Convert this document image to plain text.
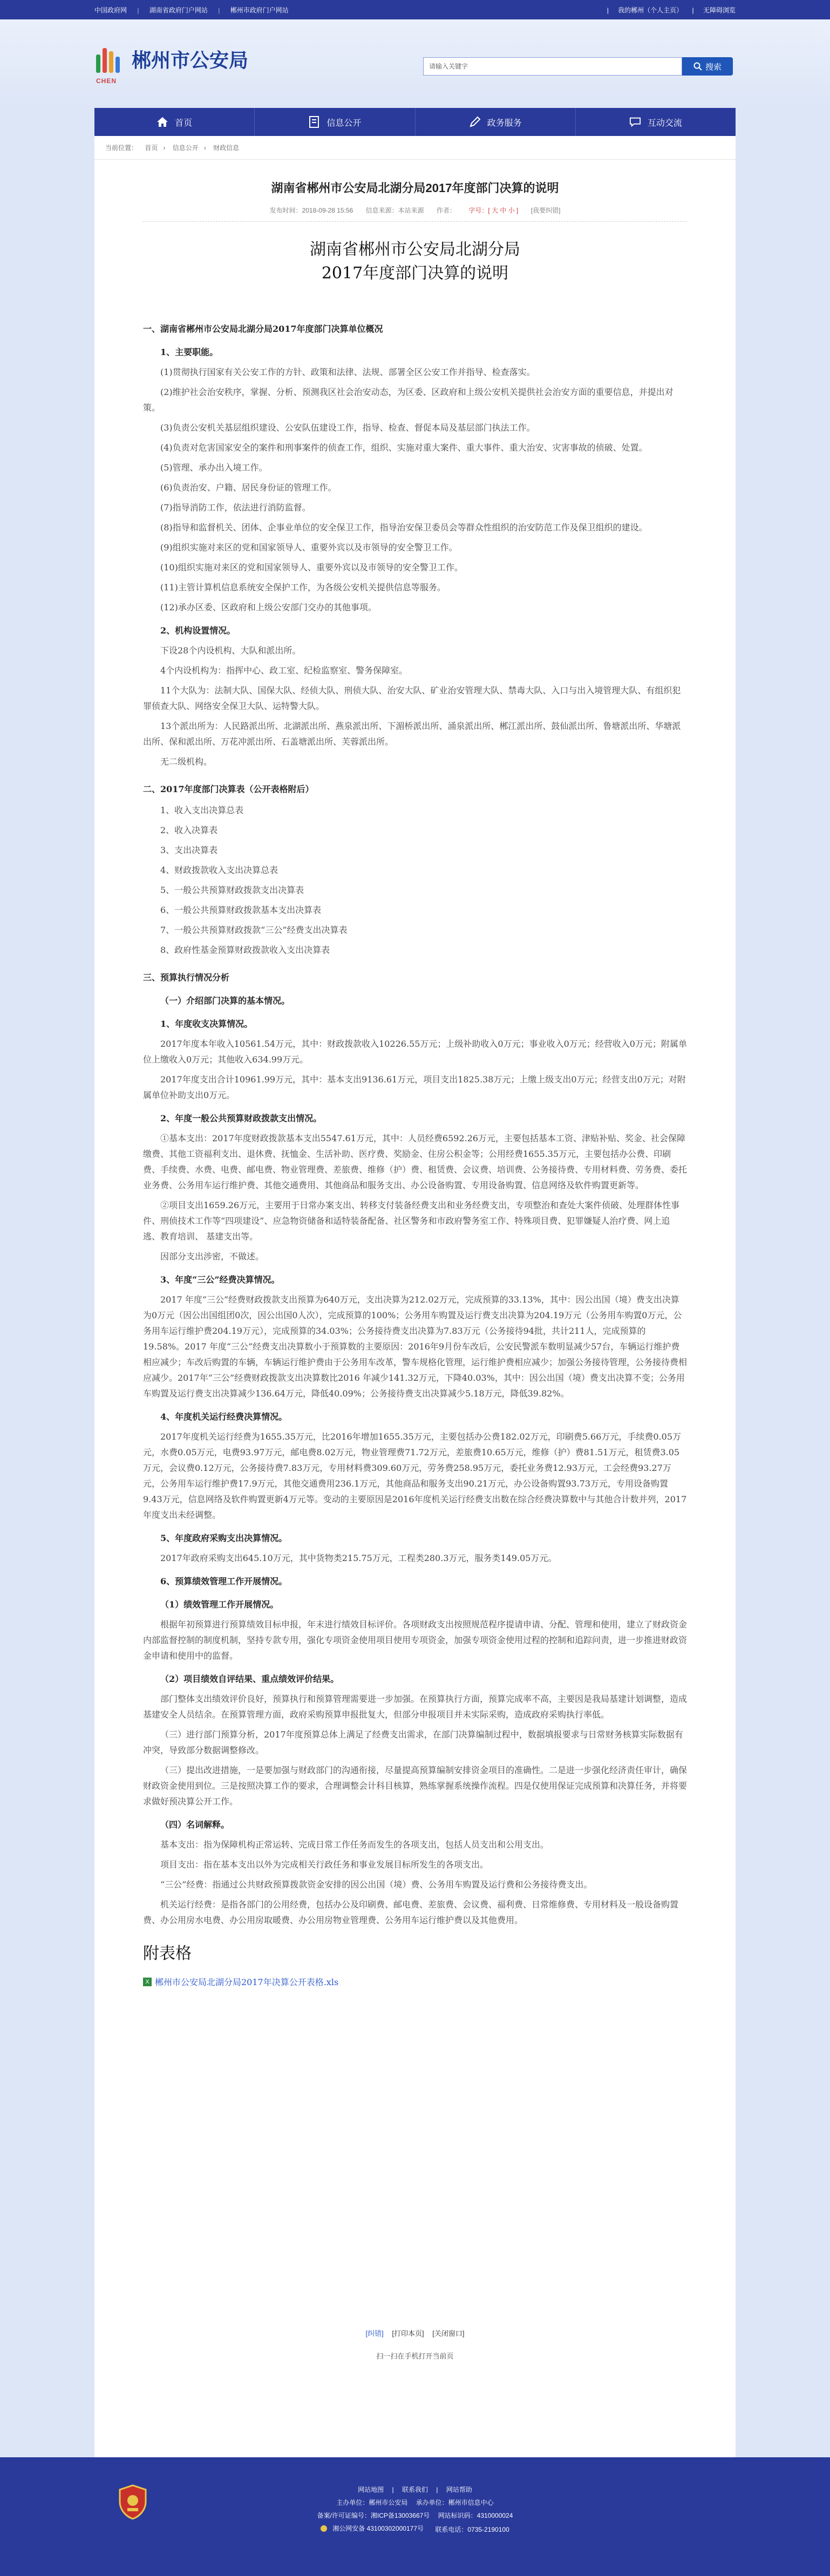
中国政府网 | 湖南省政府门户网站 | 郴州市政府门户网站	| 我的郴州（个人主页） | 无障碍浏览
CHEN
郴州市公安局	请输入关键字	搜索
首页	信息公开	政务服务	互动交流
当前位置： 首页 › 信息公开 › 财政信息
湖南省郴州市公安局北湖分局2017年度部门决算的说明
发布时间：2018-09-28 15:56 信息来源：本站来源 作者： 字号：[ 大 中 小 ] [我要纠错]
湖南省郴州市公安局北湖分局
2017年度部门决算的说明

一、湖南省郴州市公安局北湖分局2017年度部门决算单位概况

1、主要职能。

(1)贯彻执行国家有关公安工作的方针、政策和法律、法规、部署全区公安工作并指导、检查落实。

(2)维护社会治安秩序，掌握、分析、预测我区社会治安动态，为区委、区政府和上级公安机关提供社会治安方面的重要信息，并提出对策。

(3)负责公安机关基层组织建设、公安队伍建设工作，指导、检查、督促本局及基层部门执法工作。

(4)负责对危害国家安全的案件和刑事案件的侦查工作，组织、实施对重大案件、重大事件、重大治安、灾害事故的侦破、处置。

(5)管理、承办出入境工作。

(6)负责治安、户籍、居民身份证的管理工作。

(7)指导消防工作，依法进行消防监督。

(8)指导和监督机关、团体、企事业单位的安全保卫工作，指导治安保卫委员会等群众性组织的治安防范工作及保卫组织的建设。

(9)组织实施对来区的党和国家领导人、重要外宾以及市领导的安全警卫工作。

(10)组织实施对来区的党和国家领导人、重要外宾以及市领导的安全警卫工作。

(11)主管计算机信息系统安全保护工作，为各级公安机关提供信息等服务。

(12)承办区委、区政府和上级公安部门交办的其他事项。

2、机构设置情况。

下设28个内设机构、大队和派出所。

4个内设机构为：指挥中心、政工室、纪检监察室、警务保障室。

11个大队为：法制大队、国保大队、经侦大队、刑侦大队、治安大队、矿业治安管理大队、禁毒大队、入口与出入境管理大队、有组织犯罪侦查大队、网络安全保卫大队、运特警大队。

13个派出所为：人民路派出所、北湖派出所、燕泉派出所、下湄桥派出所、涌泉派出所、郴江派出所、鼓仙派出所、鲁塘派出所、华塘派出所、保和派出所、万花冲派出所、石盖塘派出所、芙蓉派出所。

无二级机构。

二、2017年度部门决算表（公开表格附后）

1、收入支出决算总表

2、收入决算表

3、支出决算表

4、财政拨款收入支出决算总表

5、一般公共预算财政拨款支出决算表

6、一般公共预算财政拨款基本支出决算表

7、一般公共预算财政拨款“三公”经费支出决算表

8、政府性基金预算财政拨款收入支出决算表

三、预算执行情况分析

（一）介绍部门决算的基本情况。

1、年度收支决算情况。

2017年度本年收入10561.54万元，其中：财政拨款收入10226.55万元；上级补助收入0万元；事业收入0万元；经营收入0万元；附属单位上缴收入0万元；其他收入634.99万元。

2017年度支出合计10961.99万元，其中：基本支出9136.61万元，项目支出1825.38万元；上缴上级支出0万元；经营支出0万元；对附属单位补助支出0万元。

2、年度一般公共预算财政拨款支出情况。

①基本支出：2017年度财政拨款基本支出5547.61万元，其中：人员经费6592.26万元，主要包括基本工资、津贴补贴、奖金、社会保障缴费、其他工资福利支出、退休费、抚恤金、生活补助、医疗费、奖励金、住房公积金等；公用经费1655.35万元，主要包括办公费、印刷费、手续费、水费、电费、邮电费、物业管理费、差旅费、维修（护）费、租赁费、会议费、培训费、公务接待费、专用材料费、劳务费、委托业务费、公务用车运行维护费、其他交通费用、其他商品和服务支出、办公设备购置、专用设备购置、信息网络及软件购置更新等。

②项目支出1659.26万元，主要用于日常办案支出、转移支付装备经费支出和业务经费支出，专项整治和查处大案件侦破、处理群体性事件、刑侦技术工作等“四项建设”、应急物资储备和适特装备配备、社区警务和市政府警务室工作、特殊项目费、犯罪嫌疑人治疗费、网上追逃、教育培训、 基建支出等。

因部分支出涉密，不做述。

3、年度“三公”经费决算情况。

2017 年度“三公”经费财政拨款支出预算为640万元，支出决算为212.02万元，完成预算的33.13%，其中：因公出国（境）费支出决算为0万元（因公出国组团0次，因公出国0人次），完成预算的100%；公务用车购置及运行费支出决算为204.19万元（公务用车购置0万元，公务用车运行维护费204.19万元），完成预算的34.03%；公务接待费支出决算为7.83万元（公务接待94批，共计211人，完成预算的19.58%。2017 年度“三公”经费支出决算数小于预算数的主要原因：2016年9月份车改后，公安民警派车数明显减少57台，车辆运行维护费相应减少；车改后购置的车辆，车辆运行维护费由于公务用车改革，警车规格化管理，运行维护费相应减少；加强公务接待管理，公务接待费相应减少。2017年“三公”经费财政拨款支出决算数比2016 年减少141.32万元，下降40.03%，其中：因公出国（境）费支出决算不变；公务用车购置及运行费支出决算减少136.64万元，降低40.09%；公务接待费支出决算减少5.18万元，降低39.82%。

4、年度机关运行经费决算情况。

2017年度机关运行经费为1655.35万元，比2016年增加1655.35万元，主要包括办公费182.02万元，印刷费5.66万元，手续费0.05万元，水费0.05万元，电费93.97万元，邮电费8.02万元，物业管理费71.72万元，差旅费10.65万元，维修（护）费81.51万元，租赁费3.05万元，会议费0.12万元，公务接待费7.83万元，专用材料费309.60万元，劳务费258.95万元，委托业务费12.93万元，工会经费93.27万元，公务用车运行维护费17.9万元，其他交通费用236.1万元，其他商品和服务支出90.21万元，办公设备购置93.73万元，专用设备购置9.43万元，信息网络及软件购置更新4万元等。变动的主要原因是2016年度机关运行经费支出数在综合经费决算数中与其他合计数并列，2017年度支出未经调整。

5、年度政府采购支出决算情况。

2017年政府采购支出645.10万元，其中货物类215.75万元，工程类280.3万元，服务类149.05万元。

6、预算绩效管理工作开展情况。

（1）绩效管理工作开展情况。

根据年初预算进行预算绩效目标申报，年末进行绩效目标评价。各项财政支出按照规范程序提请申请、分配、管理和使用，建立了财政资金内部监督控制的制度机制，坚持专款专用，强化专项资金使用项目使用专项资金，加强专项资金使用过程的控制和追踪问责，进一步推进财政资金申请和使用中的监督。

（2）项目绩效自评结果、重点绩效评价结果。

部门整体支出绩效评价良好，预算执行和预算管理需要进一步加强。在预算执行方面，预算完成率不高，主要因是我局基建计划调整，造成基建安全人员结余。在预算管理方面，政府采购预算申报批复大，但部分申报项目并未实际采购，造成政府采购执行率低。

（三）进行部门预算分析，2017年度预算总体上满足了经费支出需求，在部门决算编制过程中，数据填报要求与日常财务核算实际数据有冲突，导致部分数据调整修改。

（三）提出改进措施，一是要加强与财政部门的沟通衔接，尽量提高预算编制安排资金项目的准确性。二是进一步强化经济责任审计，确保财政资金使用到位。三是按照决算工作的要求，合理调整会计科目核算，熟练掌握系统操作流程。四是仅使用保证完成预算和决算任务，并将要求做好预决算公开工作。

（四）名词解释。

基本支出：指为保障机构正常运转、完成日常工作任务而发生的各项支出，包括人员支出和公用支出。

项目支出：指在基本支出以外为完成相关行政任务和事业发展目标所发生的各项支出。

“三公”经费：指通过公共财政预算拨款资金安排的因公出国（境）费、公务用车购置及运行费和公务接待费支出。

机关运行经费：是指各部门的公用经费，包括办公及印刷费、邮电费、差旅费、会议费、福利费、日常维修费、专用材料及一般设备购置费、办公用房水电费、办公用房取暖费、办公用房物业管理费、公务用车运行维护费以及其他费用。

附表格
X 郴州市公安局北湖分局2017年决算公开表格.xls
[纠错] [打印本页] [关闭窗口]
扫一扫在手机打开当前页
网站地图 | 联系我们 | 网站帮助
主办单位：郴州市公安局 承办单位：郴州市信息中心
备案/许可证编号：湘ICP备13003667号 网站标识码：4310000024
湘公网安备 43100302000177号 联系电话：0735-2190100
